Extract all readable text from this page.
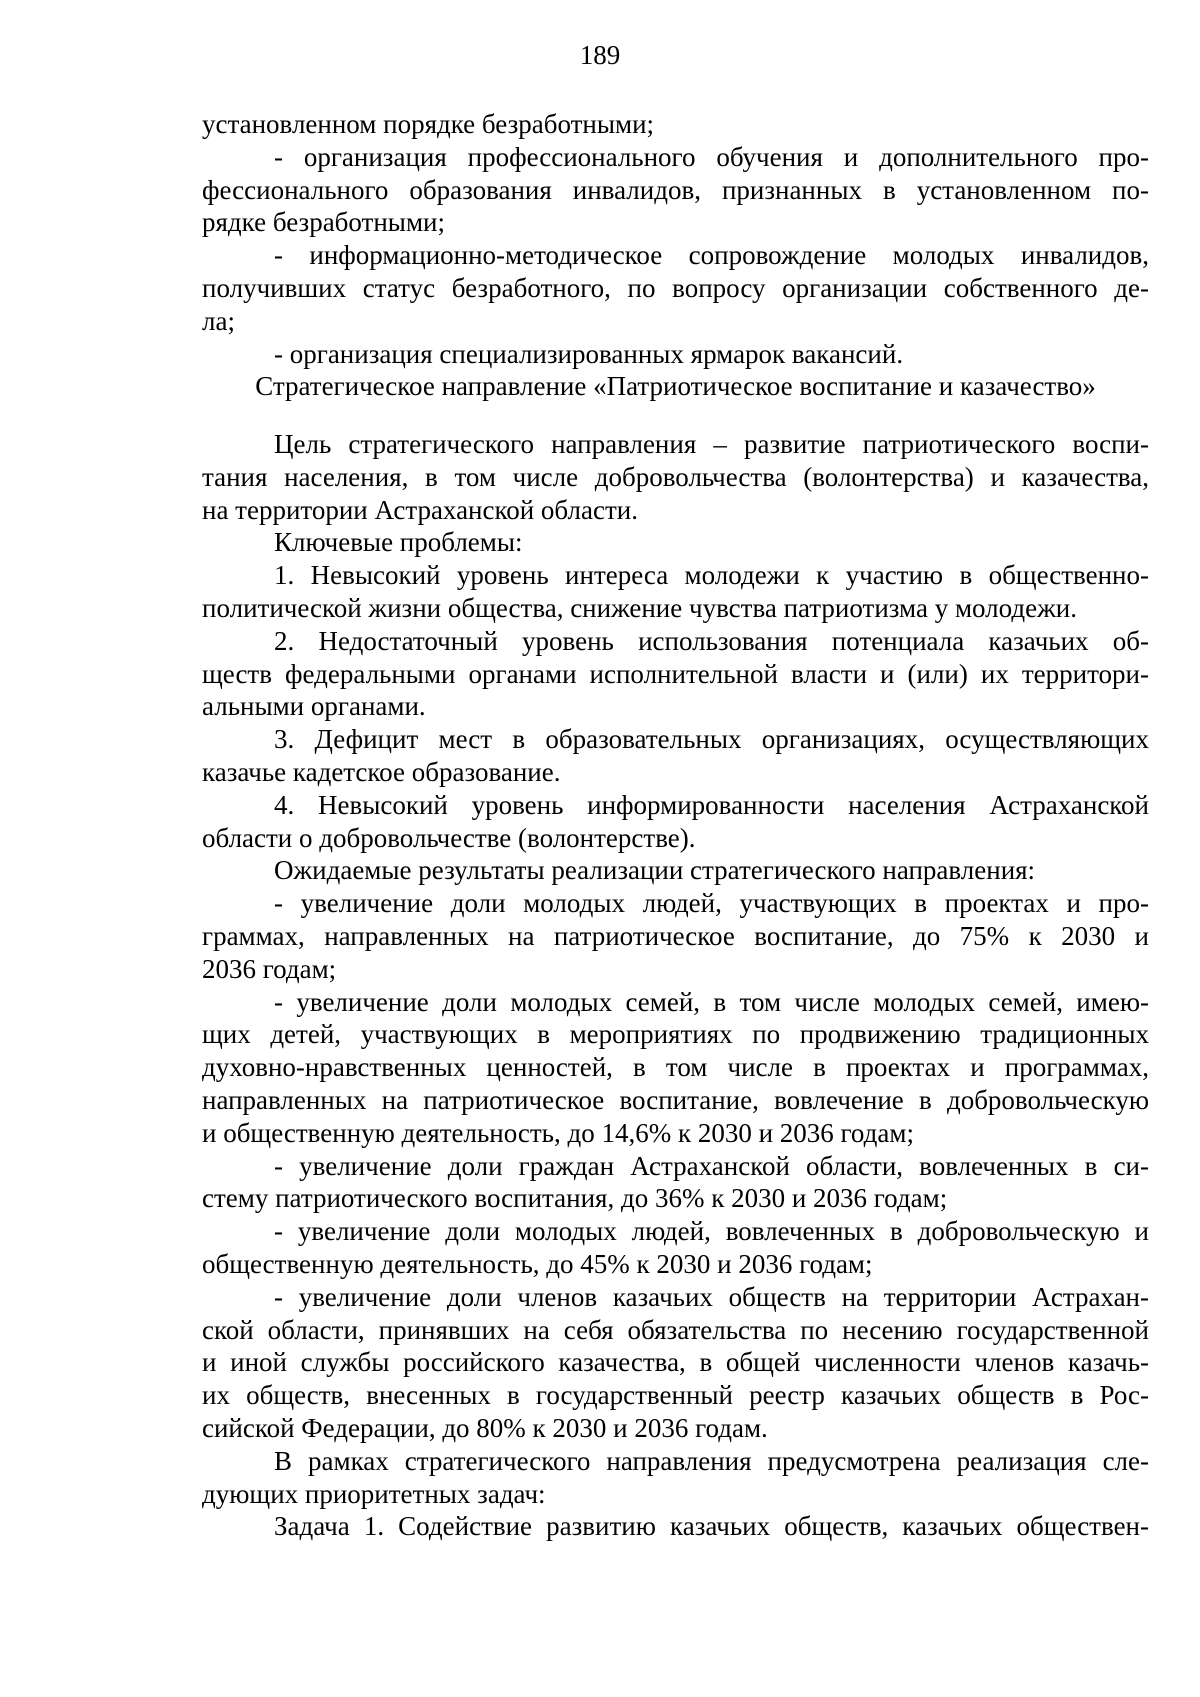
189
установленном порядке безработными;
- организация профессионального обучения и дополнительного про-
фессионального образования инвалидов, признанных в установленном по-
рядке безработными;
- информационно-методическое сопровождение молодых инвалидов,
получивших статус безработного, по вопросу организации собственного де-
ла;
- организация специализированных ярмарок вакансий.
Стратегическое направление «Патриотическое воспитание и казачество»
Цель стратегического направления – развитие патриотического воспи-
тания населения, в том числе добровольчества (волонтерства) и казачества,
на территории Астраханской области.
Ключевые проблемы:
1. Невысокий уровень интереса молодежи к участию в общественно-
политической жизни общества, снижение чувства патриотизма у молодежи.
2. Недостаточный уровень использования потенциала казачьих об-
ществ федеральными органами исполнительной власти и (или) их территори-
альными органами.
3. Дефицит мест в образовательных организациях, осуществляющих
казачье кадетское образование.
4. Невысокий уровень информированности населения Астраханской
области о добровольчестве (волонтерстве).
Ожидаемые результаты реализации стратегического направления:
- увеличение доли молодых людей, участвующих в проектах и про-
граммах, направленных на патриотическое воспитание, до 75% к 2030 и
2036 годам;
- увеличение доли молодых семей, в том числе молодых семей, имею-
щих детей, участвующих в мероприятиях по продвижению традиционных
духовно-нравственных ценностей, в том числе в проектах и программах,
направленных на патриотическое воспитание, вовлечение в добровольческую
и общественную деятельность, до 14,6% к 2030 и 2036 годам;
- увеличение доли граждан Астраханской области, вовлеченных в си-
стему патриотического воспитания, до 36% к 2030 и 2036 годам;
- увеличение доли молодых людей, вовлеченных в добровольческую и
общественную деятельность, до 45% к 2030 и 2036 годам;
- увеличение доли членов казачьих обществ на территории Астрахан-
ской области, принявших на себя обязательства по несению государственной
и иной службы российского казачества, в общей численности членов казачь-
их обществ, внесенных в государственный реестр казачьих обществ в Рос-
сийской Федерации, до 80% к 2030 и 2036 годам.
В рамках стратегического направления предусмотрена реализация сле-
дующих приоритетных задач:
Задача 1. Содействие развитию казачьих обществ, казачьих обществен-
